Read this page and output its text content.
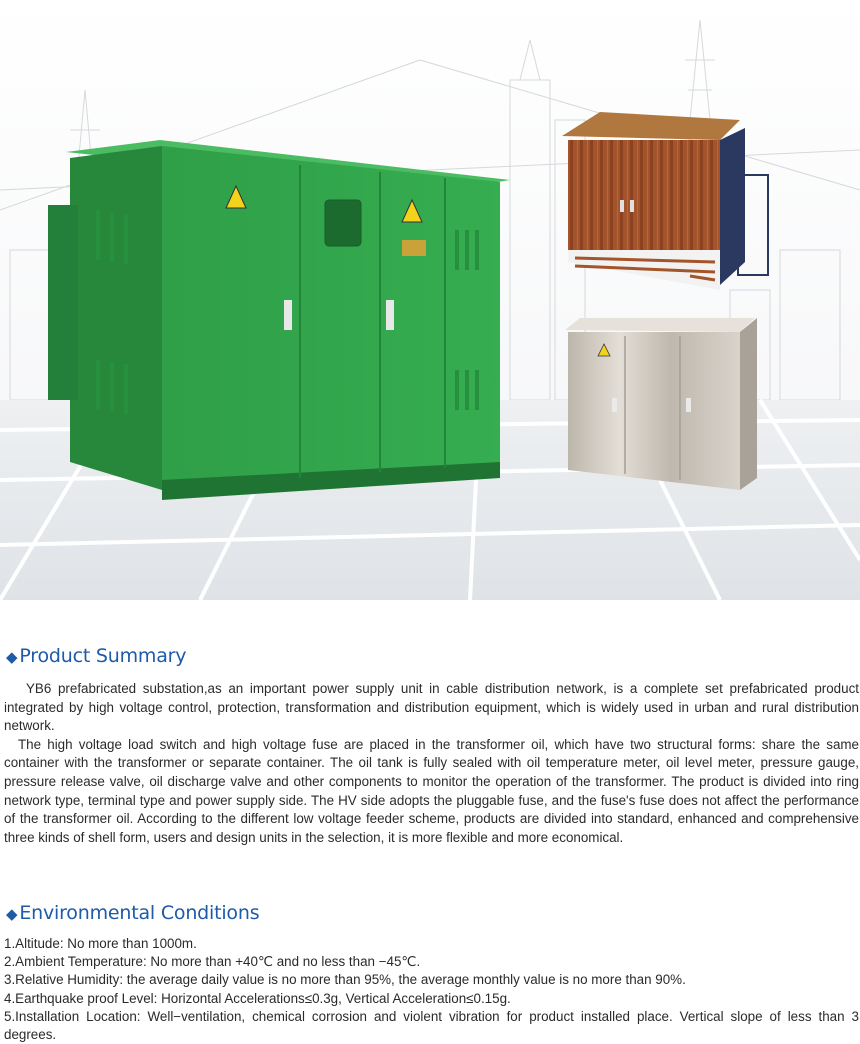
◆ Product Summary

YB6 prefabricated substation,as an important power supply unit in cable distribution network, is a complete set prefabricated product integrated by high voltage control, protection, transformation and distribution equipment, which is widely used in urban and rural distribution network.

The high voltage load switch and high voltage fuse are placed in the transformer oil, which have two structural forms: share the same container with the transformer or separate container. The oil tank is fully sealed with oil temperature meter, oil level meter, pressure gauge, pressure release valve, oil discharge valve and other components to monitor the operation of the transformer. The product is divided into ring network type, terminal type and power supply side. The HV side adopts the pluggable fuse, and the fuse's fuse does not affect the performance of the transformer oil. According to the different low voltage feeder scheme, products are divided into standard, enhanced and comprehensive three kinds of shell form, users and design units in the selection, it is more flexible and more economical.

◆ Environmental Conditions
1.Altitude: No more than 1000m.
2.Ambient Temperature: No more than +40℃ and no less than −45℃.
3.Relative Humidity: the average daily value is no more than 95%, the average monthly value is no more than 90%.
4.Earthquake proof Level: Horizontal Accelerations≤0.3g, Vertical Acceleration≤0.15g.
5.Installation Location: Well−ventilation, chemical corrosion and violent vibration for product installed place. Vertical slope of less than 3 degrees.
